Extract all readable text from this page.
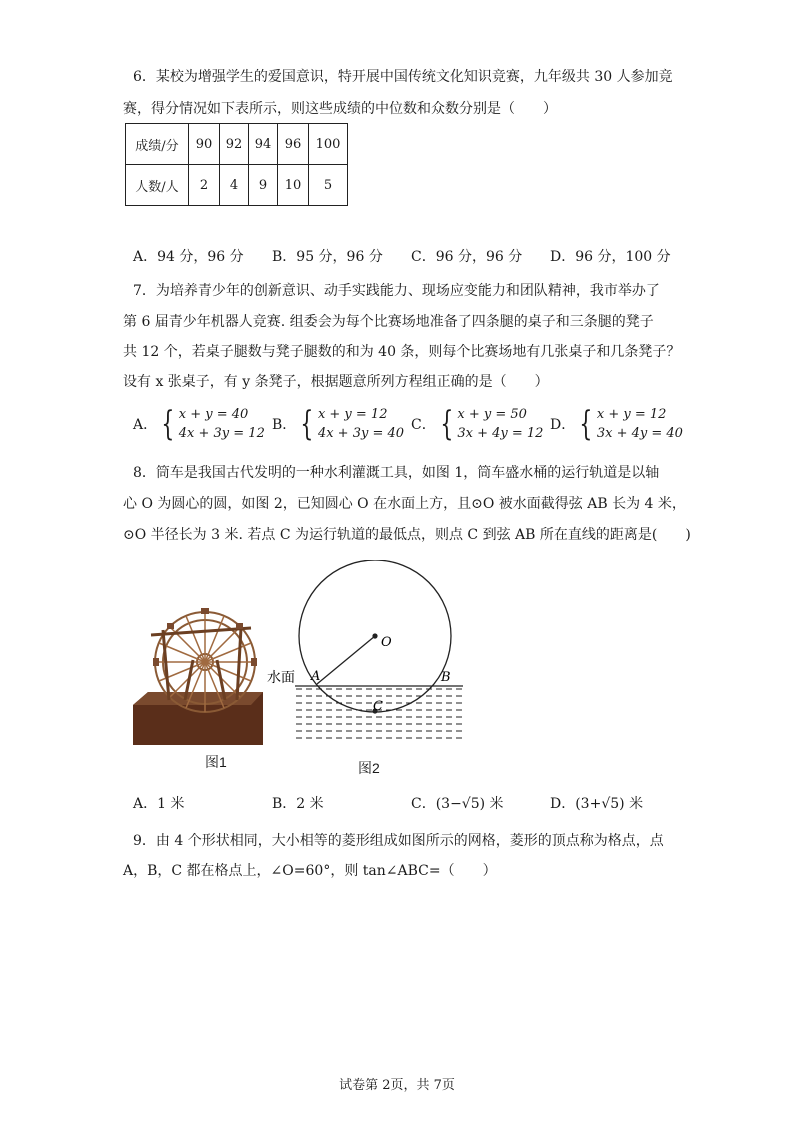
6．某校为增强学生的爱国意识，特开展中国传统文化知识竞赛，九年级共 30 人参加竞
赛，得分情况如下表所示，则这些成绩的中位数和众数分别是（　　）
成绩/分	90	92	94	96	100
人数/人	2	4	9	10	5
A．94 分，96 分 B．95 分，96 分 C．96 分，96 分 D．96 分，100 分
7．为培养青少年的创新意识、动手实践能力、现场应变能力和团队精神，我市举办了
第 6 届青少年机器人竞赛. 组委会为每个比赛场地准备了四条腿的桌子和三条腿的凳子
共 12 个，若桌子腿数与凳子腿数的和为 40 条，则每个比赛场地有几张桌子和几条凳子？
设有 x 张桌子，有 y 条凳子，根据题意所列方程组正确的是（　　）
A． { x + y = 40
4x + 3y = 12
B． { x + y = 12
4x + 3y = 40
C． { x + y = 50
3x + 4y = 12
D． { x + y = 12
3x + 4y = 40
8．筒车是我国古代发明的一种水利灌溉工具，如图 1，筒车盛水桶的运行轨道是以轴
心 O 为圆心的圆，如图 2，已知圆心 O 在水面上方，且⊙O 被水面截得弦 AB 长为 4 米，
⊙O 半径长为 3 米. 若点 C 为运行轨道的最低点，则点 C 到弦 AB 所在直线的距离是(　　)
图1
O
A	B
C
水面
图2
A．1 米	B．2 米	C．(3−√5) 米	D．(3+√5) 米
9．由 4 个形状相同，大小相等的菱形组成如图所示的网格，菱形的顶点称为格点，点
A，B，C 都在格点上，∠O=60°，则 tan∠ABC=（　　）
试卷第 2页，共 7页
